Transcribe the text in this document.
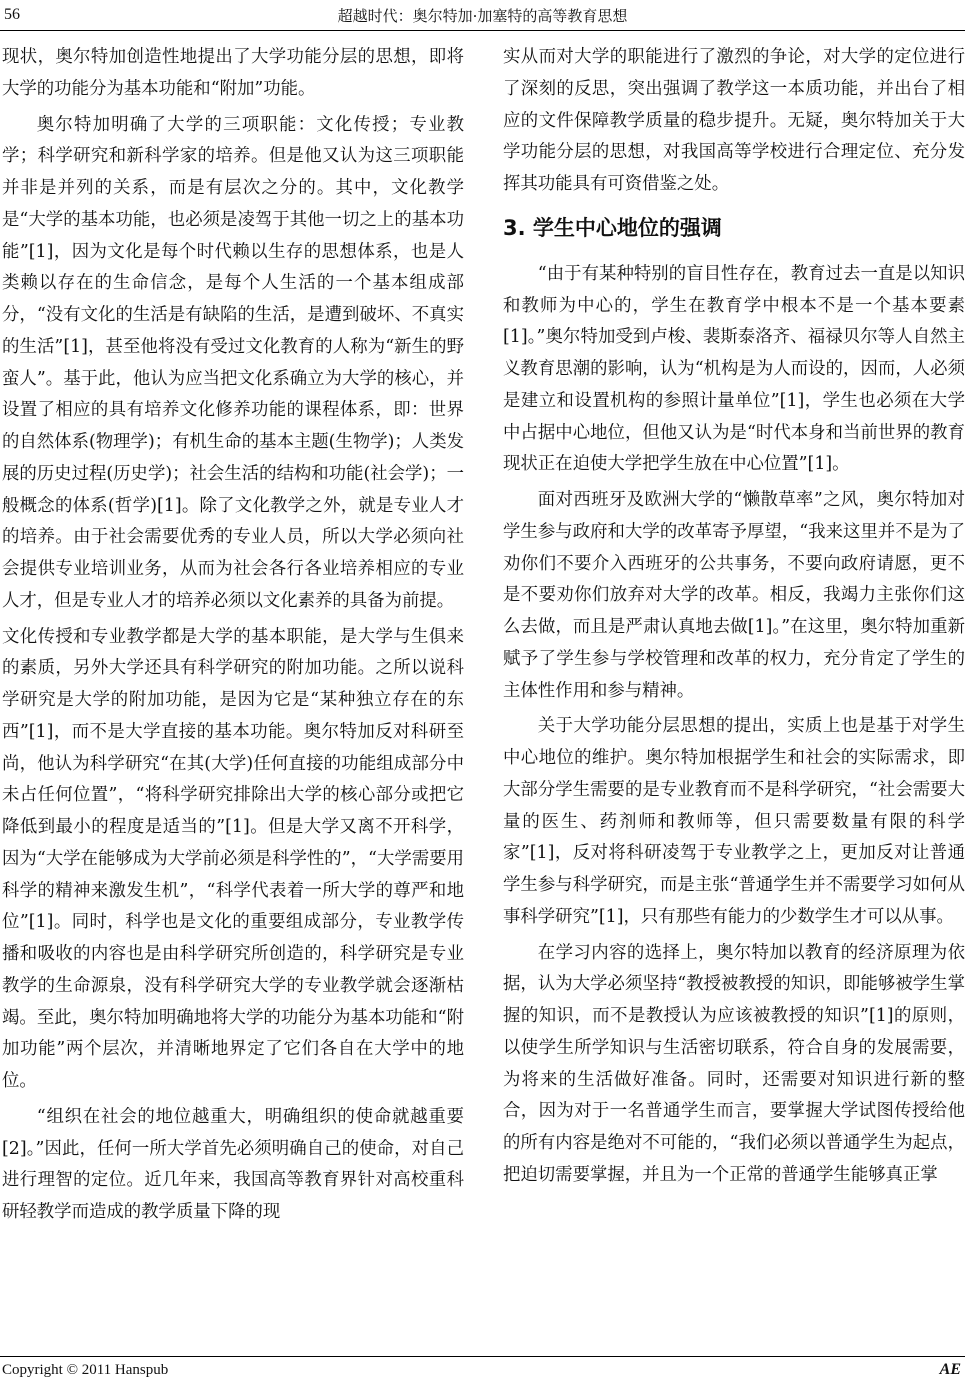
56	超越时代：奥尔特加·加塞特的高等教育思想

现状，奥尔特加创造性地提出了大学功能分层的思想，即将大学的功能分为基本功能和“附加”功能。

奥尔特加明确了大学的三项职能：文化传授；专业教学；科学研究和新科学家的培养。但是他又认为这三项职能并非是并列的关系，而是有层次之分的。其中，文化教学是“大学的基本功能，也必须是凌驾于其他一切之上的基本功能”[1]，因为文化是每个时代赖以生存的思想体系，也是人类赖以存在的生命信念，是每个人生活的一个基本组成部分，“没有文化的生活是有缺陷的生活，是遭到破坏、不真实的生活”[1]，甚至他将没有受过文化教育的人称为“新生的野蛮人”。基于此，他认为应当把文化系确立为大学的核心，并设置了相应的具有培养文化修养功能的课程体系，即：世界的自然体系(物理学)；有机生命的基本主题(生物学)；人类发展的历史过程(历史学)；社会生活的结构和功能(社会学)；一般概念的体系(哲学)[1]。除了文化教学之外，就是专业人才的培养。由于社会需要优秀的专业人员，所以大学必须向社会提供专业培训业务，从而为社会各行各业培养相应的专业人才，但是专业人才的培养必须以文化素养的具备为前提。

文化传授和专业教学都是大学的基本职能，是大学与生俱来的素质，另外大学还具有科学研究的附加功能。之所以说科学研究是大学的附加功能，是因为它是“某种独立存在的东西”[1]，而不是大学直接的基本功能。奥尔特加反对科研至尚，他认为科学研究“在其(大学)任何直接的功能组成部分中未占任何位置”，“将科学研究排除出大学的核心部分或把它降低到最小的程度是适当的”[1]。但是大学又离不开科学，因为“大学在能够成为大学前必须是科学性的”，“大学需要用科学的精神来激发生机”，“科学代表着一所大学的尊严和地位”[1]。同时，科学也是文化的重要组成部分，专业教学传播和吸收的内容也是由科学研究所创造的，科学研究是专业教学的生命源泉，没有科学研究大学的专业教学就会逐渐枯竭。至此，奥尔特加明确地将大学的功能分为基本功能和“附加功能”两个层次，并清晰地界定了它们各自在大学中的地位。

“组织在社会的地位越重大，明确组织的使命就越重要[2]。”因此，任何一所大学首先必须明确自己的使命，对自己进行理智的定位。近几年来，我国高等教育界针对高校重科研轻教学而造成的教学质量下降的现

实从而对大学的职能进行了激烈的争论，对大学的定位进行了深刻的反思，突出强调了教学这一本质功能，并出台了相应的文件保障教学质量的稳步提升。无疑，奥尔特加关于大学功能分层的思想，对我国高等学校进行合理定位、充分发挥其功能具有可资借鉴之处。

3. 学生中心地位的强调

“由于有某种特别的盲目性存在，教育过去一直是以知识和教师为中心的，学生在教育学中根本不是一个基本要素[1]。”奥尔特加受到卢梭、裴斯泰洛齐、福禄贝尔等人自然主义教育思潮的影响，认为“机构是为人而设的，因而，人必须是建立和设置机构的参照计量单位”[1]，学生也必须在大学中占据中心地位，但他又认为是“时代本身和当前世界的教育现状正在迫使大学把学生放在中心位置”[1]。

面对西班牙及欧洲大学的“懒散草率”之风，奥尔特加对学生参与政府和大学的改革寄予厚望，“我来这里并不是为了劝你们不要介入西班牙的公共事务，不要向政府请愿，更不是不要劝你们放弃对大学的改革。相反，我竭力主张你们这么去做，而且是严肃认真地去做[1]。”在这里，奥尔特加重新赋予了学生参与学校管理和改革的权力，充分肯定了学生的主体性作用和参与精神。

关于大学功能分层思想的提出，实质上也是基于对学生中心地位的维护。奥尔特加根据学生和社会的实际需求，即大部分学生需要的是专业教育而不是科学研究，“社会需要大量的医生、药剂师和教师等，但只需要数量有限的科学家”[1]，反对将科研凌驾于专业教学之上，更加反对让普通学生参与科学研究，而是主张“普通学生并不需要学习如何从事科学研究”[1]，只有那些有能力的少数学生才可以从事。

在学习内容的选择上，奥尔特加以教育的经济原理为依据，认为大学必须坚持“教授被教授的知识，即能够被学生掌握的知识，而不是教授认为应该被教授的知识”[1]的原则，以使学生所学知识与生活密切联系，符合自身的发展需要，为将来的生活做好准备。同时，还需要对知识进行新的整合，因为对于一名普通学生而言，要掌握大学试图传授给他的所有内容是绝对不可能的，“我们必须以普通学生为起点，把迫切需要掌握，并且为一个正常的普通学生能够真正掌

Copyright © 2011 Hanspub	AE
